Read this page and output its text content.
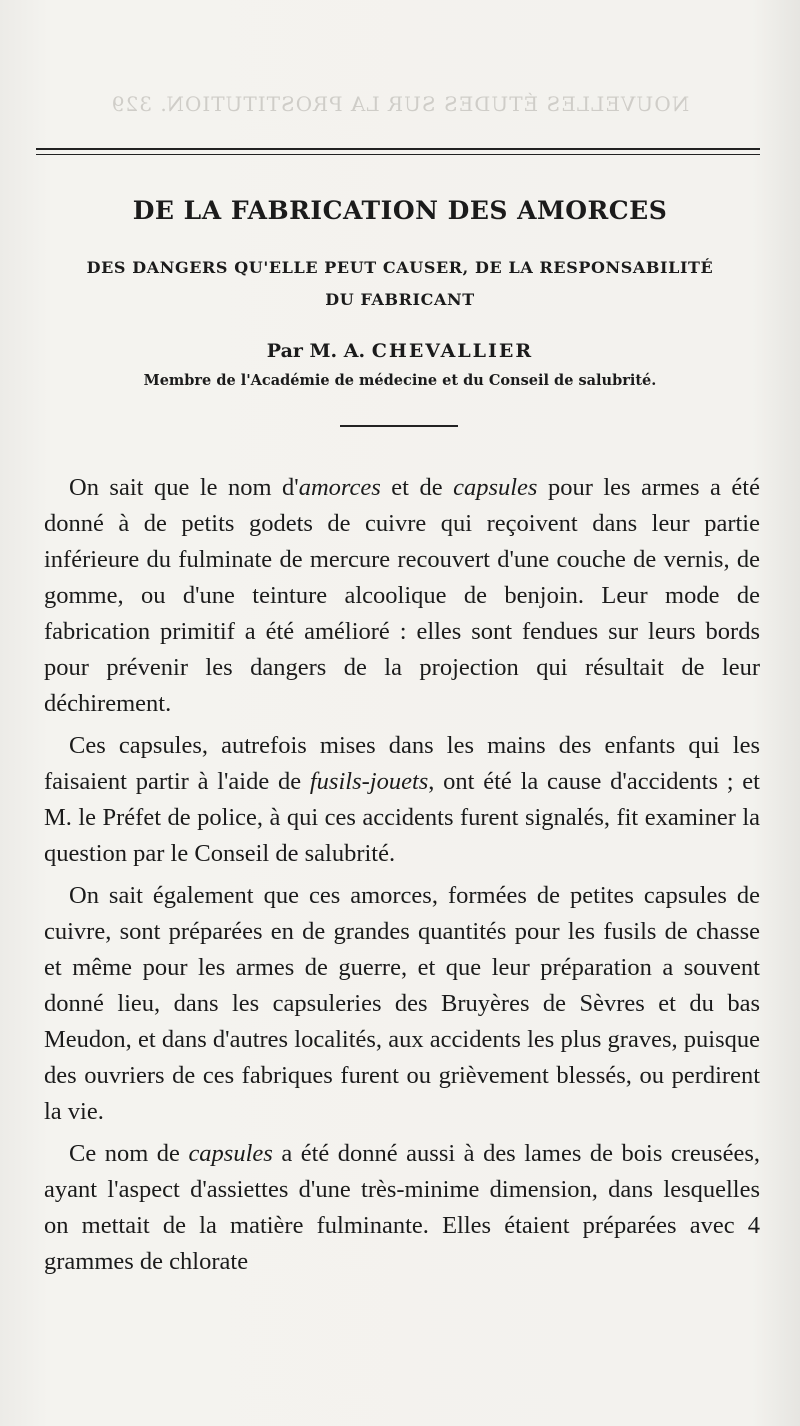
NOUVELLES ÉTUDES SUR LA PROSTITUTION. 329
DE LA FABRICATION DES AMORCES
DES DANGERS QU'ELLE PEUT CAUSER, DE LA RESPONSABILITÉ
DU FABRICANT
Par M. A. CHEVALLIER
Membre de l'Académie de médecine et du Conseil de salubrité.

On sait que le nom d'amorces et de capsules pour les armes a été donné à de petits godets de cuivre qui reçoivent dans leur partie inférieure du fulminate de mercure recouvert d'une couche de vernis, de gomme, ou d'une teinture alcoolique de benjoin. Leur mode de fabrication primitif a été amélioré : elles sont fendues sur leurs bords pour prévenir les dangers de la projection qui résultait de leur déchirement.

Ces capsules, autrefois mises dans les mains des enfants qui les faisaient partir à l'aide de fusils-jouets, ont été la cause d'accidents ; et M. le Préfet de police, à qui ces accidents furent signalés, fit examiner la question par le Conseil de salubrité.

On sait également que ces amorces, formées de petites capsules de cuivre, sont préparées en de grandes quantités pour les fusils de chasse et même pour les armes de guerre, et que leur préparation a souvent donné lieu, dans les capsuleries des Bruyères de Sèvres et du bas Meudon, et dans d'autres localités, aux accidents les plus graves, puisque des ouvriers de ces fabriques furent ou grièvement blessés, ou perdirent la vie.

Ce nom de capsules a été donné aussi à des lames de bois creusées, ayant l'aspect d'assiettes d'une très-minime dimension, dans lesquelles on mettait de la matière fulminante. Elles étaient préparées avec 4 grammes de chlorate
